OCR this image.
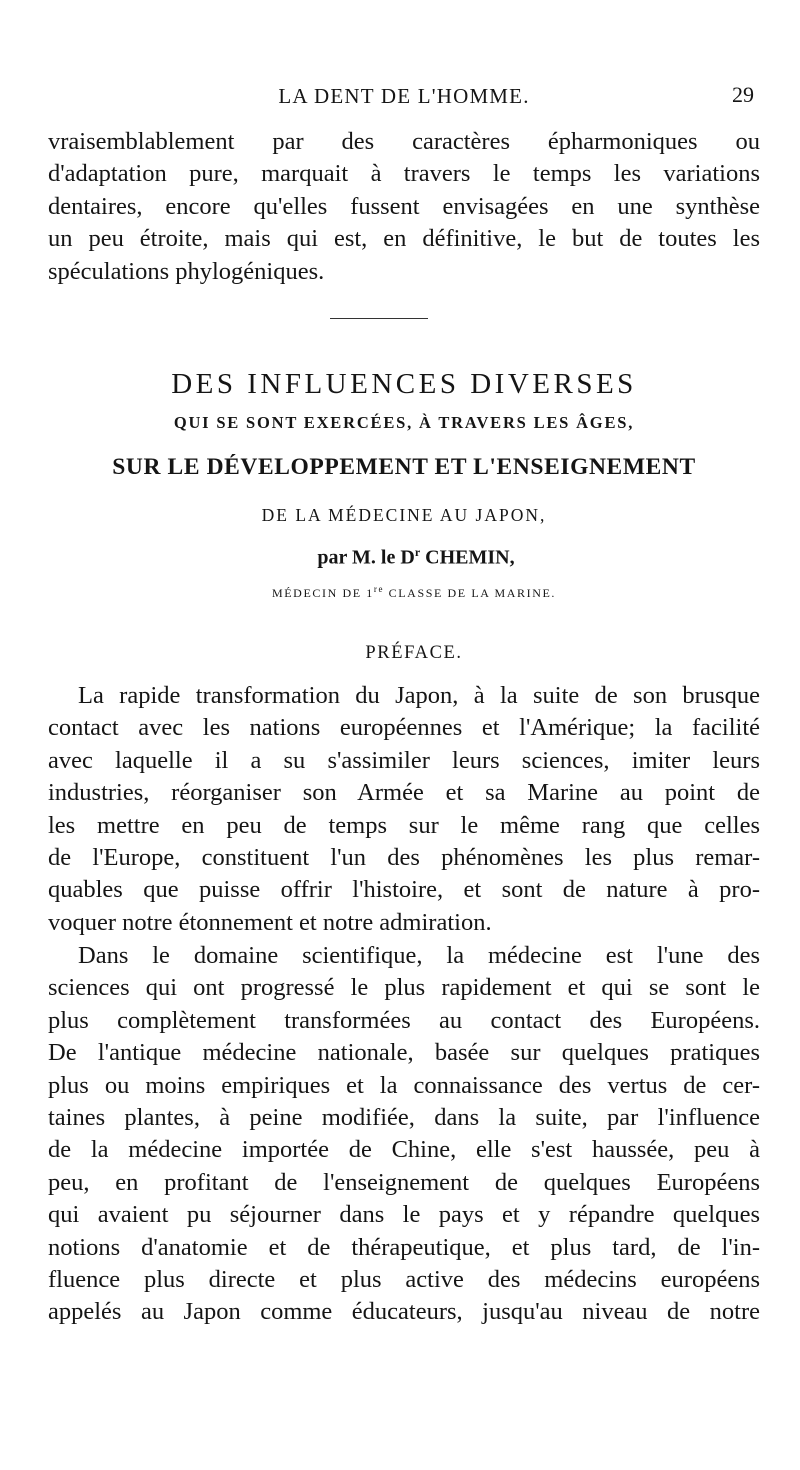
LA DENT DE L'HOMME.	29
vraisemblablement par des caractères épharmoniques ou
d'adaptation pure, marquait à travers le temps les variations
dentaires, encore qu'elles fussent envisagées en une synthèse
un peu étroite, mais qui est, en définitive, le but de toutes les
spéculations phylogéniques.
DES INFLUENCES DIVERSES
QUI SE SONT EXERCÉES, À TRAVERS LES ÂGES,
SUR LE DÉVELOPPEMENT ET L'ENSEIGNEMENT
DE LA MÉDECINE AU JAPON,
par M. le $D^r$ CHEMIN,
MÉDECIN DE 1re CLASSE DE LA MARINE.
PRÉFACE.
La rapide transformation du Japon, à la suite de son brusque
contact avec les nations européennes et l'Amérique; la facilité
avec laquelle il a su s'assimiler leurs sciences, imiter leurs
industries, réorganiser son Armée et sa Marine au point de
les mettre en peu de temps sur le même rang que celles
de l'Europe, constituent l'un des phénomènes les plus remar-
quables que puisse offrir l'histoire, et sont de nature à pro-
voquer notre étonnement et notre admiration.
Dans le domaine scientifique, la médecine est l'une des
sciences qui ont progressé le plus rapidement et qui se sont le
plus complètement transformées au contact des Européens.
De l'antique médecine nationale, basée sur quelques pratiques
plus ou moins empiriques et la connaissance des vertus de cer-
taines plantes, à peine modifiée, dans la suite, par l'influence
de la médecine importée de Chine, elle s'est haussée, peu à
peu, en profitant de l'enseignement de quelques Européens
qui avaient pu séjourner dans le pays et y répandre quelques
notions d'anatomie et de thérapeutique, et plus tard, de l'in-
fluence plus directe et plus active des médecins européens
appelés au Japon comme éducateurs, jusqu'au niveau de notre
